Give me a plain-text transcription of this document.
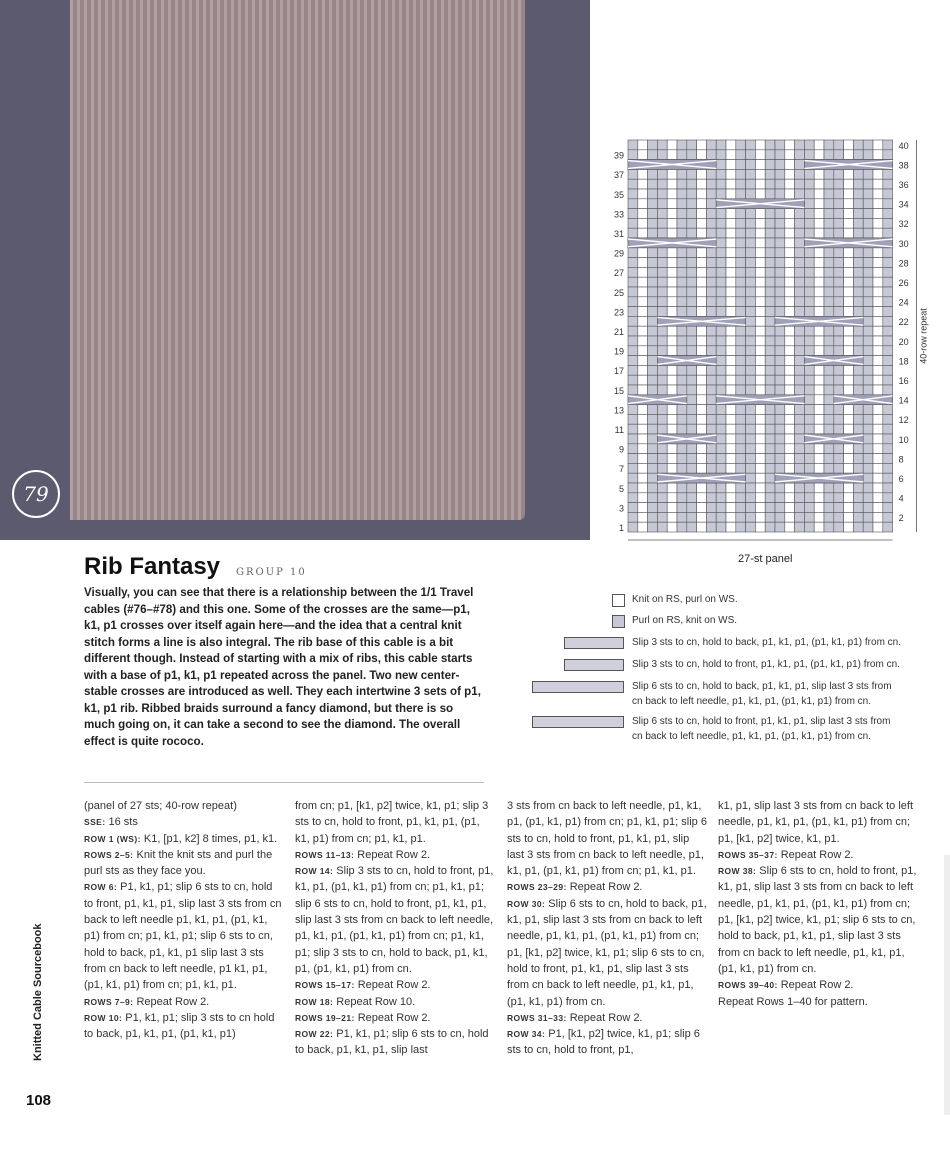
79
39
37
35
33
31
29
27
25
23
21
19
17
15
13
11
9
7
5
3
1
40
38
36
34
32
30
28
26
24
22
20
18
16
14
12
10
8
6
4
2
40-row repeat
27-st panel
Rib Fantasy GROUP 10
Visually, you can see that there is a relationship between the 1/1 Travel cables (#76–#78) and this one. Some of the crosses are the same—p1, k1, p1 crosses over itself again here—and the idea that a central knit stitch forms a line is also integral. The rib base of this cable is a bit different though. Instead of starting with a mix of ribs, this cable starts with a base of p1, k1, p1 repeated across the panel. Two new center-stable crosses are introduced as well. They each intertwine 3 sets of p1, k1, p1 rib. Ribbed braids surround a fancy diamond, but there is so much going on, it can take a second to see the diamond. The overall effect is quite rococo.
Knit on RS, purl on WS.
Purl on RS, knit on WS.
Slip 3 sts to cn, hold to back, p1, k1, p1, (p1, k1, p1) from cn.
Slip 3 sts to cn, hold to front, p1, k1, p1, (p1, k1, p1) from cn.
Slip 6 sts to cn, hold to back, p1, k1, p1, slip last 3 sts from
cn back to left needle, p1, k1, p1, (p1, k1, p1) from cn.
Slip 6 sts to cn, hold to front, p1, k1, p1, slip last 3 sts from
cn back to left needle, p1, k1, p1, (p1, k1, p1) from cn.

(panel of 27 sts; 40-row repeat)

SSE: 16 sts

ROW 1 (WS): K1, [p1, k2] 8 times, p1, k1.

ROWS 2–5: Knit the knit sts and purl the purl sts as they face you.

ROW 6: P1, k1, p1; slip 6 sts to cn, hold to front, p1, k1, p1, slip last 3 sts from cn back to left needle p1, k1, p1, (p1, k1, p1) from cn; p1, k1, p1; slip 6 sts to cn, hold to back, p1, k1, p1 slip last 3 sts from cn back to left needle, p1 k1, p1, (p1, k1, p1) from cn; p1, k1, p1.

ROWS 7–9: Repeat Row 2.

ROW 10: P1, k1, p1; slip 3 sts to cn hold to back, p1, k1, p1, (p1, k1, p1)

from cn; p1, [k1, p2] twice, k1, p1; slip 3 sts to cn, hold to front, p1, k1, p1, (p1, k1, p1) from cn; p1, k1, p1.

ROWS 11–13: Repeat Row 2.

ROW 14: Slip 3 sts to cn, hold to front, p1, k1, p1, (p1, k1, p1) from cn; p1, k1, p1; slip 6 sts to cn, hold to front, p1, k1, p1, slip last 3 sts from cn back to left needle, p1, k1, p1, (p1, k1, p1) from cn; p1, k1, p1; slip 3 sts to cn, hold to back, p1, k1, p1, (p1, k1, p1) from cn.

ROWS 15–17: Repeat Row 2.

ROW 18: Repeat Row 10.

ROWS 19–21: Repeat Row 2.

ROW 22: P1, k1, p1; slip 6 sts to cn, hold to back, p1, k1, p1, slip last

3 sts from cn back to left needle, p1, k1, p1, (p1, k1, p1) from cn; p1, k1, p1; slip 6 sts to cn, hold to front, p1, k1, p1, slip last 3 sts from cn back to left needle, p1, k1, p1, (p1, k1, p1) from cn; p1, k1, p1.

ROWS 23–29: Repeat Row 2.

ROW 30: Slip 6 sts to cn, hold to back, p1, k1, p1, slip last 3 sts from cn back to left needle, p1, k1, p1, (p1, k1, p1) from cn; p1, [k1, p2] twice, k1, p1; slip 6 sts to cn, hold to front, p1, k1, p1, slip last 3 sts from cn back to left needle, p1, k1, p1, (p1, k1, p1) from cn.

ROWS 31–33: Repeat Row 2.

ROW 34: P1, [k1, p2] twice, k1, p1; slip 6 sts to cn, hold to front, p1,

k1, p1, slip last 3 sts from cn back to left needle, p1, k1, p1, (p1, k1, p1) from cn; p1, [k1, p2] twice, k1, p1.

ROWS 35–37: Repeat Row 2.

ROW 38: Slip 6 sts to cn, hold to front, p1, k1, p1, slip last 3 sts from cn back to left needle, p1, k1, p1, (p1, k1, p1) from cn; p1, [k1, p2] twice, k1, p1; slip 6 sts to cn, hold to back, p1, k1, p1, slip last 3 sts from cn back to left needle, p1, k1, p1, (p1, k1, p1) from cn.

ROWS 39–40: Repeat Row 2.

Repeat Rows 1–40 for pattern.

Knitted Cable Sourcebook
108
